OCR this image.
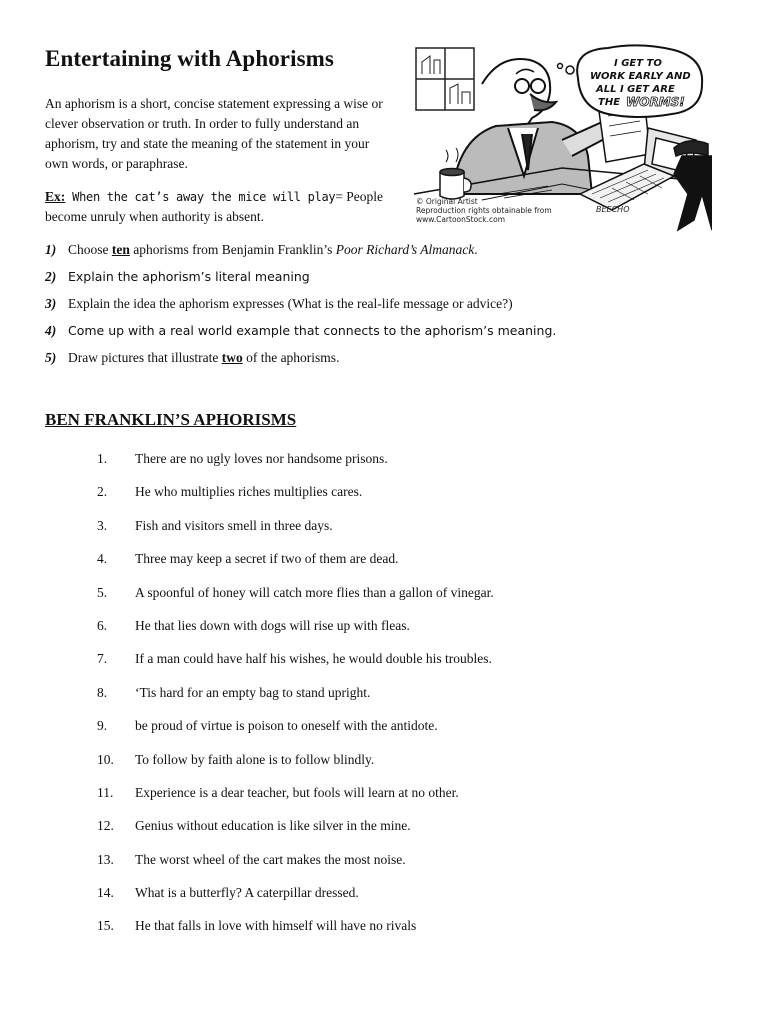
Entertaining with Aphorisms

An aphorism is a short, concise statement expressing a wise or clever observation or truth. In order to fully understand an aphorism, try and state the meaning of the statement in your own words, or paraphrase.

Ex: When the cat’s away the mice will play= People become unruly when authority is absent.

I GET TO
WORK EARLY AND
ALL I GET ARE
THE WORMS!
© Original Artist
Reproduction rights obtainable from
www.CartoonStock.com
BEECHO
1) Choose ten aphorisms from Benjamin Franklin’s Poor Richard’s Almanack.
2) Explain the aphorism’s literal meaning
3) Explain the idea the aphorism expresses (What is the real-life message or advice?)
4) Come up with a real world example that connects to the aphorism’s meaning.
5) Draw pictures that illustrate two of the aphorisms.
BEN FRANKLIN’S APHORISMS
1. There are no ugly loves nor handsome prisons.
2. He who multiplies riches multiplies cares.
3. Fish and visitors smell in three days.
4. Three may keep a secret if two of them are dead.
5. A spoonful of honey will catch more flies than a gallon of vinegar.
6. He that lies down with dogs will rise up with fleas.
7. If a man could have half his wishes, he would double his troubles.
8. ‘Tis hard for an empty bag to stand upright.
9. be proud of virtue is poison to oneself with the antidote.
10. To follow by faith alone is to follow blindly.
11. Experience is a dear teacher, but fools will learn at no other.
12. Genius without education is like silver in the mine.
13. The worst wheel of the cart makes the most noise.
14. What is a butterfly? A caterpillar dressed.
15. He that falls in love with himself will have no rivals
